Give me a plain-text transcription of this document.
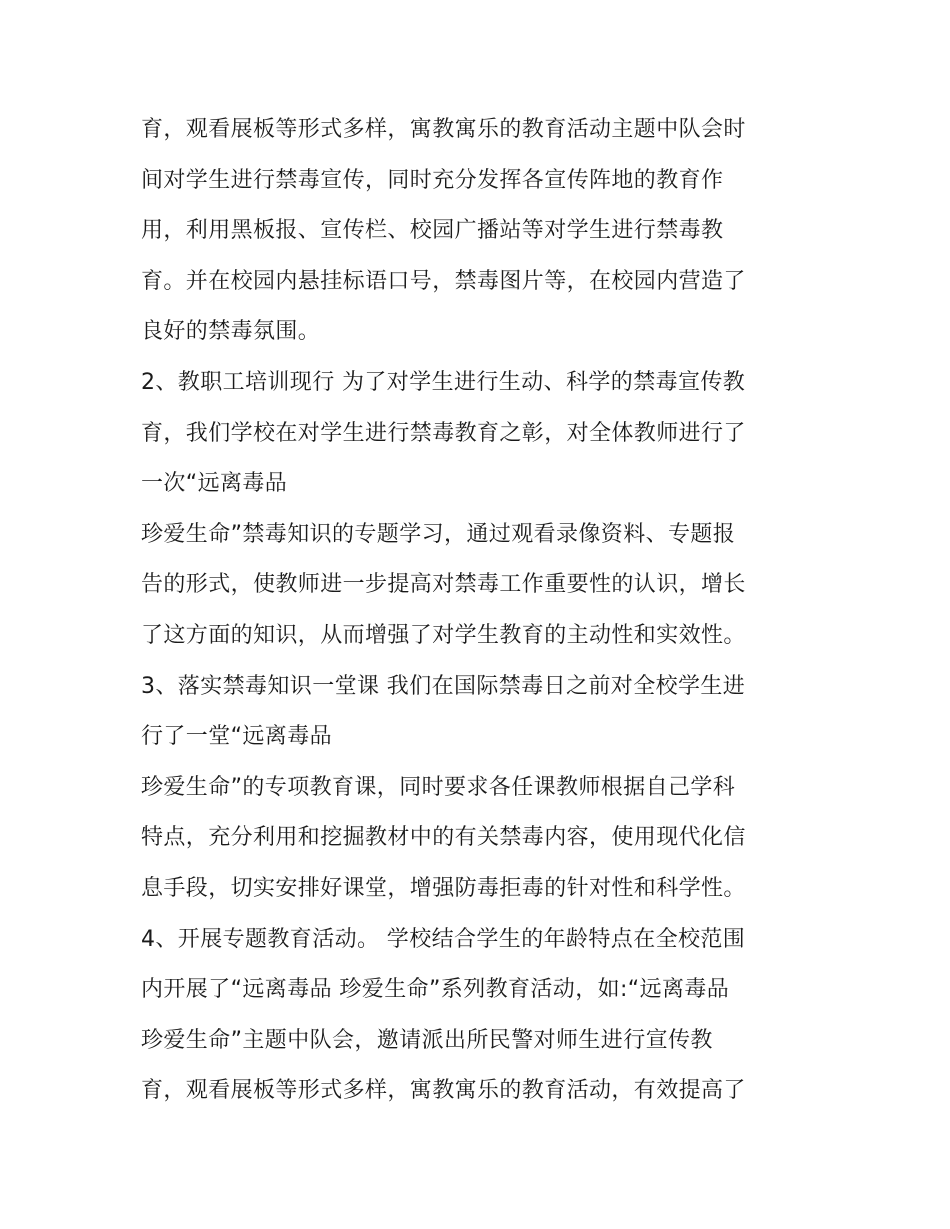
育，观看展板等形式多样，寓教寓乐的教育活动主题中队会时
间对学生进行禁毒宣传，同时充分发挥各宣传阵地的教育作
用，利用黑板报、宣传栏、校园广播站等对学生进行禁毒教
育。并在校园内悬挂标语口号，禁毒图片等，在校园内营造了
良好的禁毒氛围。
2、教职工培训现行 为了对学生进行生动、科学的禁毒宣传教
育，我们学校在对学生进行禁毒教育之彰，对全体教师进行了
一次“远离毒品
珍爱生命”禁毒知识的专题学习，通过观看录像资料、专题报
告的形式，使教师进一步提高对禁毒工作重要性的认识，增长
了这方面的知识，从而增强了对学生教育的主动性和实效性。
3、落实禁毒知识一堂课 我们在国际禁毒日之前对全校学生进
行了一堂“远离毒品
珍爱生命”的专项教育课，同时要求各任课教师根据自己学科
特点，充分利用和挖掘教材中的有关禁毒内容，使用现代化信
息手段，切实安排好课堂，增强防毒拒毒的针对性和科学性。
4、开展专题教育活动。 学校结合学生的年龄特点在全校范围
内开展了“远离毒品 珍爱生命”系列教育活动，如:“远离毒品
珍爱生命”主题中队会，邀请派出所民警对师生进行宣传教
育，观看展板等形式多样，寓教寓乐的教育活动，有效提高了
